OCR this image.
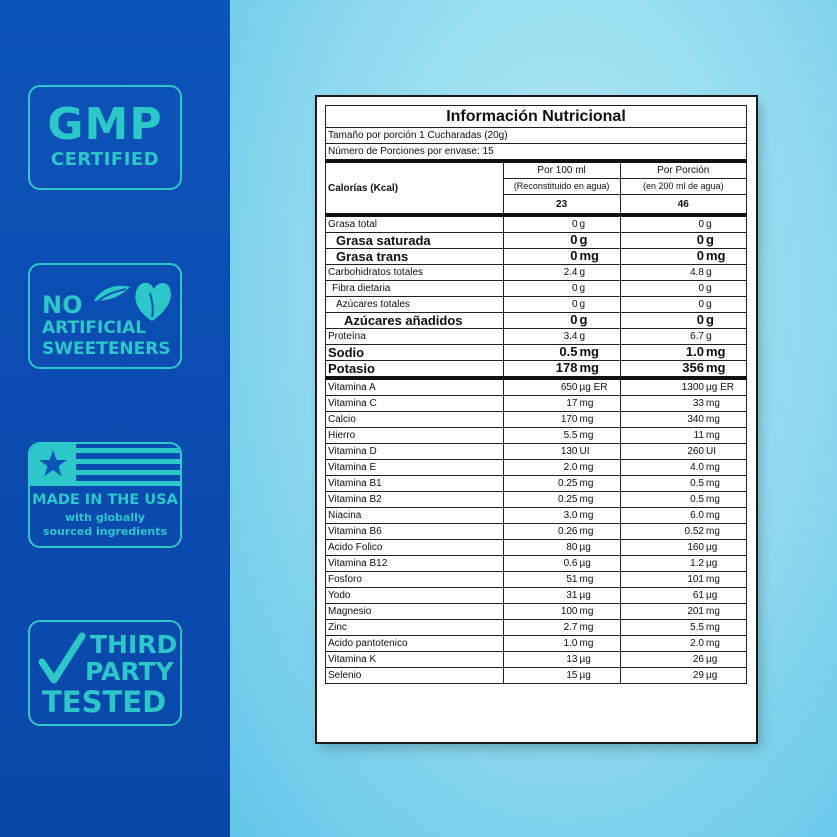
GMP
CERTIFIED
NO
ARTIFICIAL
SWEETENERS
MADE IN THE USA
with globally
sourced ingredients
THIRD
PARTY
TESTED
Información Nutricional		
Tamaño por porción 1 Cucharadas (20g)		
Número de Porciones por envase: 15		
Calorías (Kcal)	Por 100 ml	Por Porción
	(Reconstituido en agua)	(en 200 ml de agua)
	23	46
Grasa total	0 g	0 g
Grasa saturada	0 g	0 g
Grasa trans	0 mg	0 mg
Carbohidratos totales	2.4 g	4.8 g
Fibra dietaria	0 g	0 g
Azúcares totales	0 g	0 g
Azúcares añadidos	0 g	0 g
Proteína	3.4 g	6.7 g
Sodio	0.5 mg	1.0 mg
Potasio	178 mg	356 mg
Vitamina A	650 µg ER	1300 µg ER
Vitamina C	17 mg	33 mg
Calcio	170 mg	340 mg
Hierro	5.5 mg	11 mg
Vitamina D	130 UI	260 UI
Vitamina E	2.0 mg	4.0 mg
Vitamina B1	0.25 mg	0.5 mg
Vitamina B2	0.25 mg	0.5 mg
Niacina	3.0 mg	6.0 mg
Vitamina B6	0.26 mg	0.52 mg
Acido Folico	80 µg	160 µg
Vitamina B12	0.6 µg	1.2 µg
Fosforo	51 mg	101 mg
Yodo	31 µg	61 µg
Magnesio	100 mg	201 mg
Zinc	2.7 mg	5.5 mg
Acido pantotenico	1.0 mg	2.0 mg
Vitamina K	13 µg	26 µg
Selenio	15 µg	29 µg
